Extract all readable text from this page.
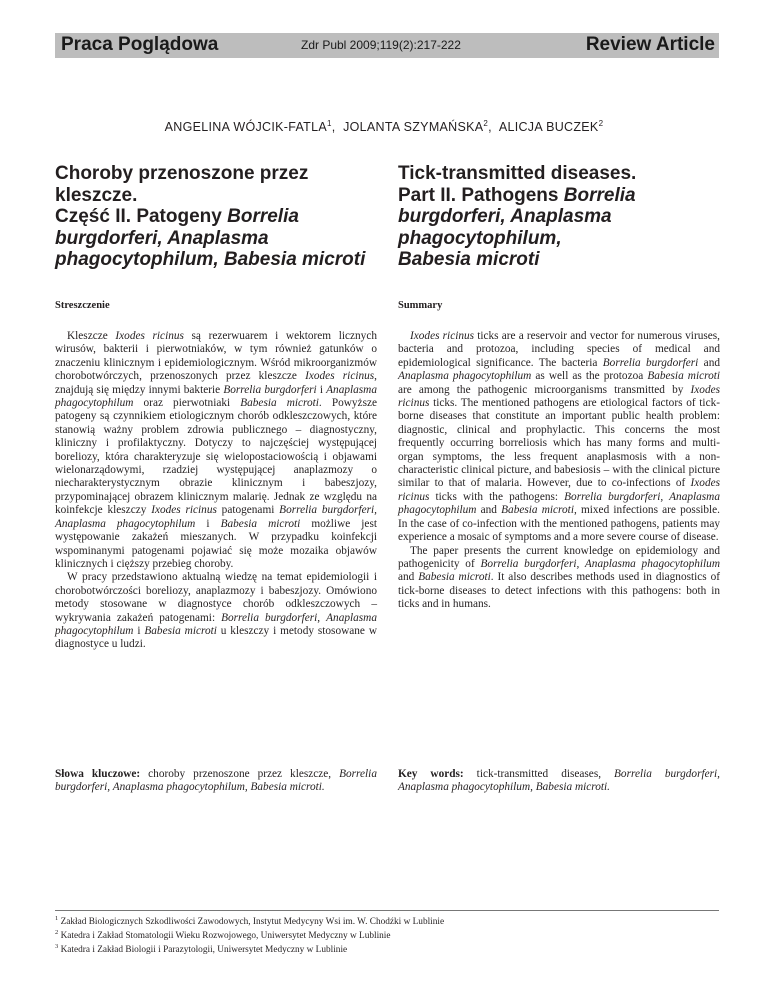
Praca Poglądowa	Zdr Publ 2009;119(2):217-222	Review Article
ANGELINA WÓJCIK-FATLA$^1$,  JOLANTA SZYMAŃSKA$^2$,  ALICJA BUCZEK$^2$
Choroby przenoszone przez
kleszcze.
Część II. Patogeny Borrelia
burgdorferi, Anaplasma
phagocytophilum, Babesia microti
Tick-transmitted diseases.
Part II. Pathogens Borrelia
burgdorferi, Anaplasma
phagocytophilum,
Babesia microti
Streszczenie	Summary

Kleszcze Ixodes ricinus są rezerwuarem i wektorem licznych wirusów, bakterii i pierwotniaków, w tym również gatunków o znaczeniu klinicznym i epidemiologicznym. Wśród mikroorganizmów chorobotwórczych, przenoszonych przez kleszcze Ixodes ricinus, znajdują się między innymi bakterie Borrelia burgdorferi i Anaplasma phagocytophilum oraz pierwotniaki Babesia microti. Powyższe patogeny są czynnikiem etiologicznym chorób odkleszczowych, które stanowią ważny problem zdrowia publicznego – diagnostyczny, kliniczny i profilaktyczny. Dotyczy to najczęściej występującej boreliozy, która charakteryzuje się wielopostaciowością i objawami wielonarządowymi, rzadziej występującej anaplazmozy o niecharakterystycznym obrazie klinicznym i babeszjozy, przypominającej obrazem klinicznym malarię. Jednak ze względu na koinfekcje kleszczy Ixodes ricinus patogenami Borrelia burgdorferi, Anaplasma phagocytophilum i Babesia microti możliwe jest występowanie zakażeń mieszanych. W przypadku koinfekcji wspominanymi patogenami pojawiać się może mozaika objawów klinicznych i cięższy przebieg choroby.

W pracy przedstawiono aktualną wiedzę na temat epidemiologii i chorobotwórczości boreliozy, anaplazmozy i babeszjozy. Omówiono metody stosowane w diagnostyce chorób odkleszczowych – wykrywania zakażeń patogenami: Borrelia burgdorferi, Anaplasma phagocytophilum i Babesia microti u kleszczy i metody stosowane w diagnostyce u ludzi.

Ixodes ricinus ticks are a reservoir and vector for numerous viruses, bacteria and protozoa, including species of medical and epidemiological significance. The bacteria Borrelia burgdorferi and Anaplasma phagocytophilum as well as the protozoa Babesia microti are among the pathogenic microorganisms transmitted by Ixodes ricinus ticks. The mentioned pathogens are etiological factors of tick-borne diseases that constitute an important public health problem: diagnostic, clinical and prophylactic. This concerns the most frequently occurring borreliosis which has many forms and multi-organ symptoms, the less frequent anaplasmosis with a non-characteristic clinical picture, and babesiosis – with the clinical picture similar to that of malaria. However, due to co-infections of Ixodes ricinus ticks with the pathogens: Borrelia burgdorferi, Anaplasma phagocytophilum and Babesia microti, mixed infections are possible. In the case of co-infection with the mentioned pathogens, patients may experience a mosaic of symptoms and a more severe course of disease.

The paper presents the current knowledge on epidemiology and pathogenicity of Borrelia burgdorferi, Anaplasma phagocytophilum and Babesia microti. It also describes methods used in diagnostics of tick-borne diseases to detect infections with this pathogens: both in ticks and in humans.

Słowa kluczowe: choroby przenoszone przez kleszcze, Borrelia burgdorferi, Anaplasma phagocytophilum, Babesia microti.
Key words: tick-transmitted diseases, Borrelia burgdorferi, Anaplasma phagocytophilum, Babesia microti.
$^1$ Zakład Biologicznych Szkodliwości Zawodowych, Instytut Medycyny Wsi im. W. Chodźki w Lublinie
$^2$ Katedra i Zakład Stomatologii Wieku Rozwojowego, Uniwersytet Medyczny w Lublinie
$^3$ Katedra i Zakład Biologii i Parazytologii, Uniwersytet Medyczny w Lublinie
